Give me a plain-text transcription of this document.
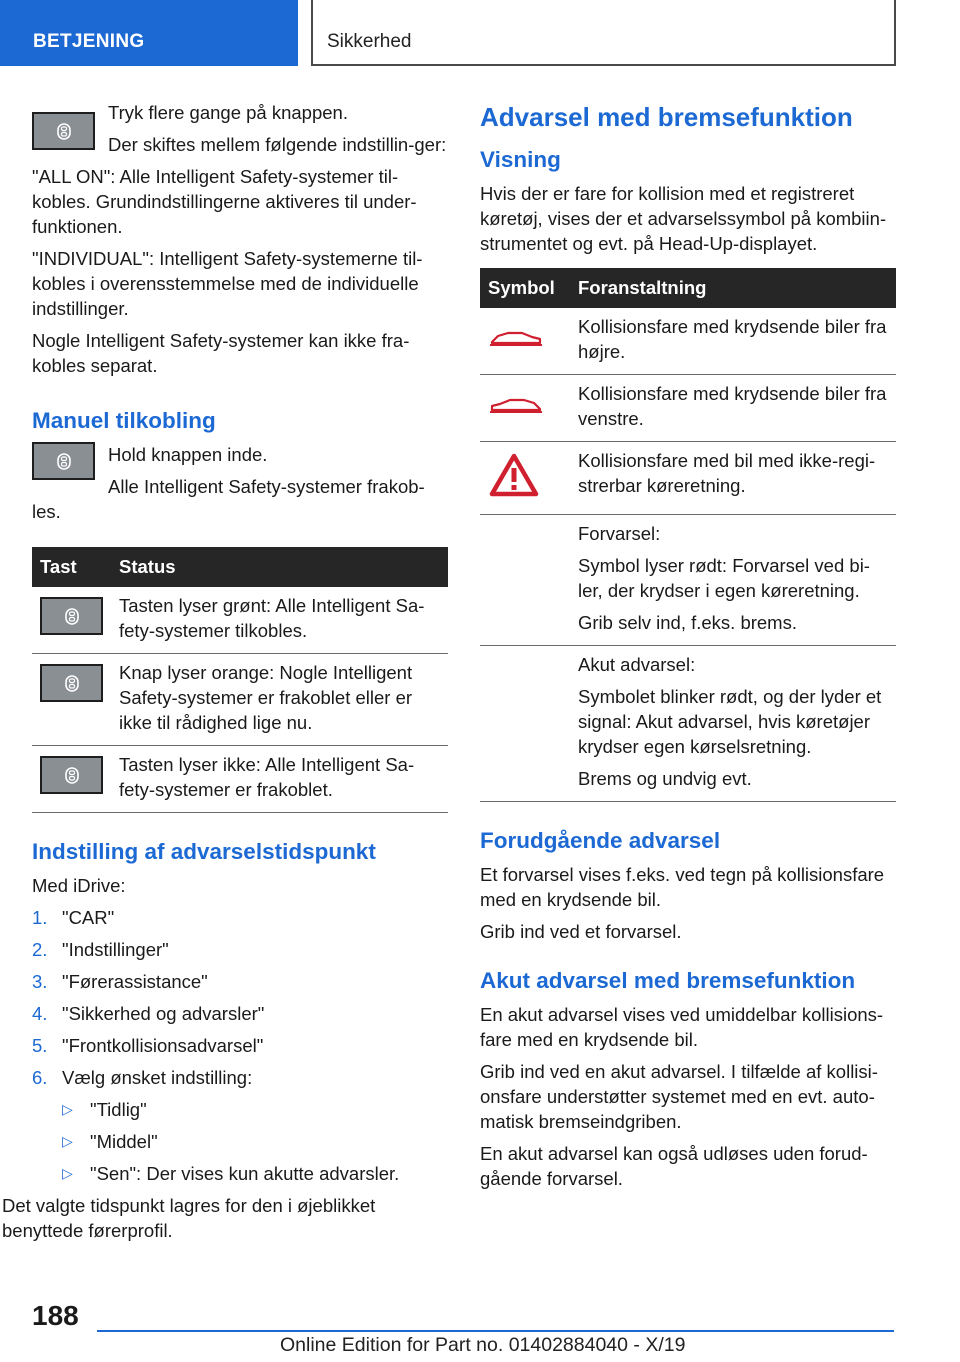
BETJENING	Sikkerhed

Tryk flere gange på knappen.

Der skiftes mellem følgende indstillin-ger:

"ALL ON": Alle Intelligent Safety-systemer til-kobles. Grundindstillingerne aktiveres til under-funktionen.

"INDIVIDUAL": Intelligent Safety-systemerne til-kobles i overensstemmelse med de individuelle indstillinger.

Nogle Intelligent Safety-systemer kan ikke fra-kobles separat.

Manuel tilkobling

Hold knappen inde.

Alle Intelligent Safety-systemer frakob-les.

Tast	Status

	Tasten lyser grønt: Alle Intelligent Sa-fety-systemer tilkobles.

	Knap lyser orange: Nogle Intelligent Safety-systemer er frakoblet eller er ikke til rådighed lige nu.

	Tasten lyser ikke: Alle Intelligent Sa-fety-systemer er frakoblet.
Indstilling af advarselstidspunkt

Med iDrive:

1. "CAR"
2. "Indstillinger"
3. "Førerassistance"
4. "Sikkerhed og advarsler"
5. "Frontkollisionsadvarsel"
6. Vælg ønsket indstilling:
▷ "Tidlig"
▷ "Middel"
▷ "Sen": Der vises kun akutte advarsler.

Det valgte tidspunkt lagres for den i øjeblikket benyttede førerprofil.

Advarsel med bremsefunktion
Visning

Hvis der er fare for kollision med et registreret køretøj, vises der et advarselssymbol på kombiin-strumentet og evt. på Head-Up-displayet.

Symbol	Foranstaltning
	Kollisionsfare med krydsende biler fra højre.
	Kollisionsfare med krydsende biler fra venstre.
	Kollisionsfare med bil med ikke-regi-strerbar køreretning.

	Forvarsel:

Symbol lyser rødt: Forvarsel ved bi-ler, der krydser i egen køreretning.

Grib selv ind, f.eks. brems.

	Akut advarsel:

Symbolet blinker rødt, og der lyder et signal: Akut advarsel, hvis køretøjer krydser egen kørselsretning.

Brems og undvig evt.

Forudgående advarsel

Et forvarsel vises f.eks. ved tegn på kollisionsfare med en krydsende bil.

Grib ind ved et forvarsel.

Akut advarsel med bremsefunktion

En akut advarsel vises ved umiddelbar kollisions-fare med en krydsende bil.

Grib ind ved en akut advarsel. I tilfælde af kollisi-onsfare understøtter systemet med en evt. auto-matisk bremseindgriben.

En akut advarsel kan også udløses uden forud-gående forvarsel.

188
Online Edition for Part no. 01402884040 - X/19
